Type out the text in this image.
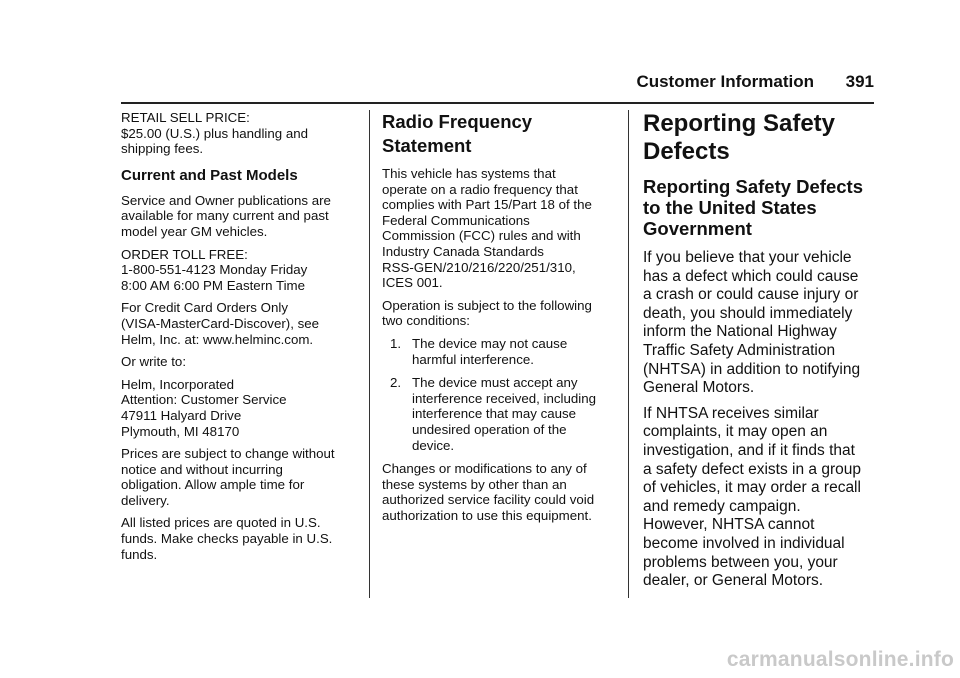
Customer Information 391

RETAIL SELL PRICE:
$25.00 (U.S.) plus handling and
shipping fees.

Current and Past Models

Service and Owner publications are
available for many current and past
model year GM vehicles.

ORDER TOLL FREE:
1-800-551-4123 Monday Friday
8:00 AM 6:00 PM Eastern Time

For Credit Card Orders Only
(VISA-MasterCard-Discover), see
Helm, Inc. at: www.helminc.com.

Or write to:

Helm, Incorporated
Attention: Customer Service
47911 Halyard Drive
Plymouth, MI 48170

Prices are subject to change without
notice and without incurring
obligation. Allow ample time for
delivery.

All listed prices are quoted in U.S.
funds. Make checks payable in U.S.
funds.

Radio Frequency
Statement

This vehicle has systems that
operate on a radio frequency that
complies with Part 15/Part 18 of the
Federal Communications
Commission (FCC) rules and with
Industry Canada Standards
RSS-GEN/210/216/220/251/310,
ICES 001.

Operation is subject to the following
two conditions:

1. The device may not cause
harmful interference.
2. The device must accept any
interference received, including
interference that may cause
undesired operation of the
device.

Changes or modifications to any of
these systems by other than an
authorized service facility could void
authorization to use this equipment.

Reporting Safety
Defects
Reporting Safety Defects
to the United States
Government

If you believe that your vehicle
has a defect which could cause
a crash or could cause injury or
death, you should immediately
inform the National Highway
Traffic Safety Administration
(NHTSA) in addition to notifying
General Motors.

If NHTSA receives similar
complaints, it may open an
investigation, and if it finds that
a safety defect exists in a group
of vehicles, it may order a recall
and remedy campaign.
However, NHTSA cannot
become involved in individual
problems between you, your
dealer, or General Motors.

carmanualsonline.info
